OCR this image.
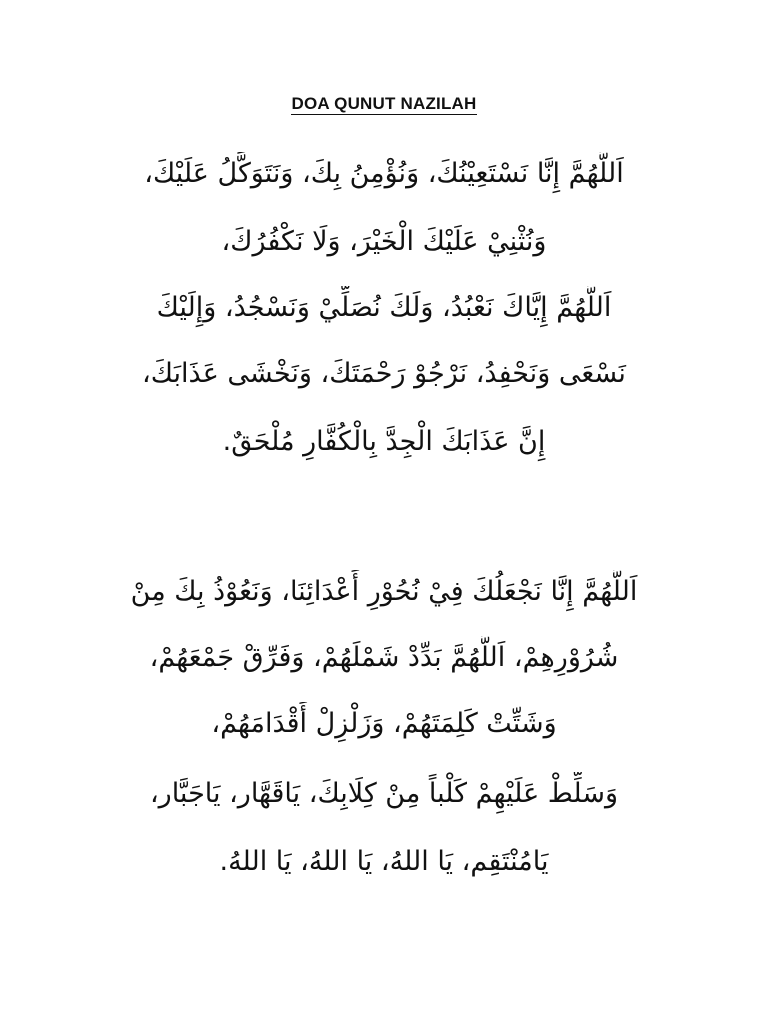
DOA QUNUT NAZILAH
اَللَّهُمَّ إِنَّا نَسْتَعِيْنُكَ، وَنُؤْمِنُ بِكَ، وَنَتَوَكَّلُ عَلَيْكَ،
وَنُثْنِيْ عَلَيْكَ الْخَيْرَ، وَلَا نَكْفُرُكَ،
اَللَّهُمَّ إِيَّاكَ نَعْبُدُ، وَلَكَ نُصَلِّيْ وَنَسْجُدُ، وَإِلَيْكَ
نَسْعَى وَنَحْفِدُ، نَرْجُوْ رَحْمَتَكَ، وَنَخْشَى عَذَابَكَ،
إِنَّ عَذَابَكَ الْجِدَّ بِالْكُفَّارِ مُلْحَقٌ.
اَللَّهُمَّ إِنَّا نَجْعَلُكَ فِيْ نُحُوْرِ أَعْدَائِنَا، وَنَعُوْذُ بِكَ مِنْ
شُرُوْرِهِمْ، اَللَّهُمَّ بَدِّدْ شَمْلَهُمْ، وَفَرِّقْ جَمْعَهُمْ،
وَشَتِّتْ كَلِمَتَهُمْ، وَزَلْزِلْ أَقْدَامَهُمْ،
وَسَلِّطْ عَلَيْهِمْ كَلْباً مِنْ كِلَابِكَ، يَاقَهَّار، يَاجَبَّار،
يَامُنْتَقِم، يَا اللهُ، يَا اللهُ، يَا اللهُ.
